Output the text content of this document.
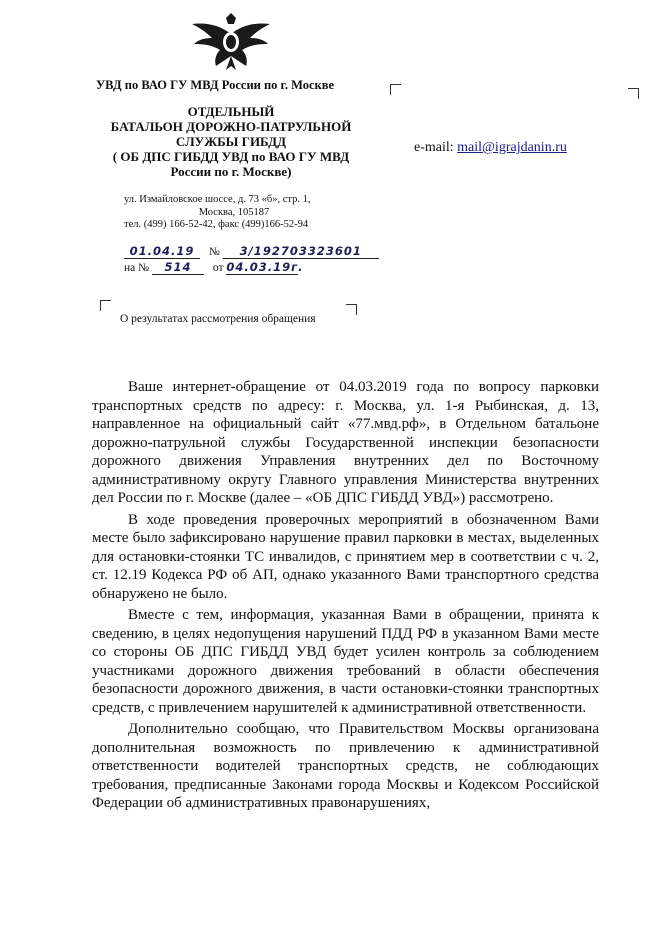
УВД по ВАО ГУ МВД России по г. Москве
ОТДЕЛЬНЫЙ
БАТАЛЬОН ДОРОЖНО-ПАТРУЛЬНОЙ
СЛУЖБЫ ГИБДД
( ОБ ДПС ГИБДД УВД по ВАО ГУ МВД
России по г. Москве)
e-mail: mail@igrajdanin.ru
ул. Измайловское шоссе, д. 73 «б», стр. 1,
Москва, 105187
тел. (499) 166-52-42, факс (499)166-52-94
01.04.19 № 3/192703323601
на № 514 от 04.03.19г.
О результатах рассмотрения обращения

Ваше интернет-обращение от 04.03.2019 года по вопросу парковки транспортных средств по адресу: г. Москва, ул. 1-я Рыбинская, д. 13, направленное на официальный сайт «77.мвд.рф», в Отдельном батальоне дорожно-патрульной службы Государственной инспекции безопасности дорожного движения Управления внутренних дел по Восточному административному округу Главного управления Министерства внутренних дел России по г. Москве (далее – «ОБ ДПС ГИБДД УВД») рассмотрено.

В ходе проведения проверочных мероприятий в обозначенном Вами месте было зафиксировано нарушение правил парковки в местах, выделенных для остановки-стоянки ТС инвалидов, с принятием мер в соответствии с ч. 2, ст. 12.19 Кодекса РФ об АП, однако указанного Вами транспортного средства обнаружено не было.

Вместе с тем, информация, указанная Вами в обращении, принята к сведению, в целях недопущения нарушений ПДД РФ в указанном Вами месте со стороны ОБ ДПС ГИБДД УВД будет усилен контроль за соблюдением участниками дорожного движения требований в области обеспечения безопасности дорожного движения, в части остановки-стоянки транспортных средств, с привлечением нарушителей к административной ответственности.

Дополнительно сообщаю, что Правительством Москвы организована дополнительная возможность по привлечению к административной ответственности водителей транспортных средств, не соблюдающих требования, предписанные Законами города Москвы и Кодексом Российской Федерации об административных правонарушениях,
